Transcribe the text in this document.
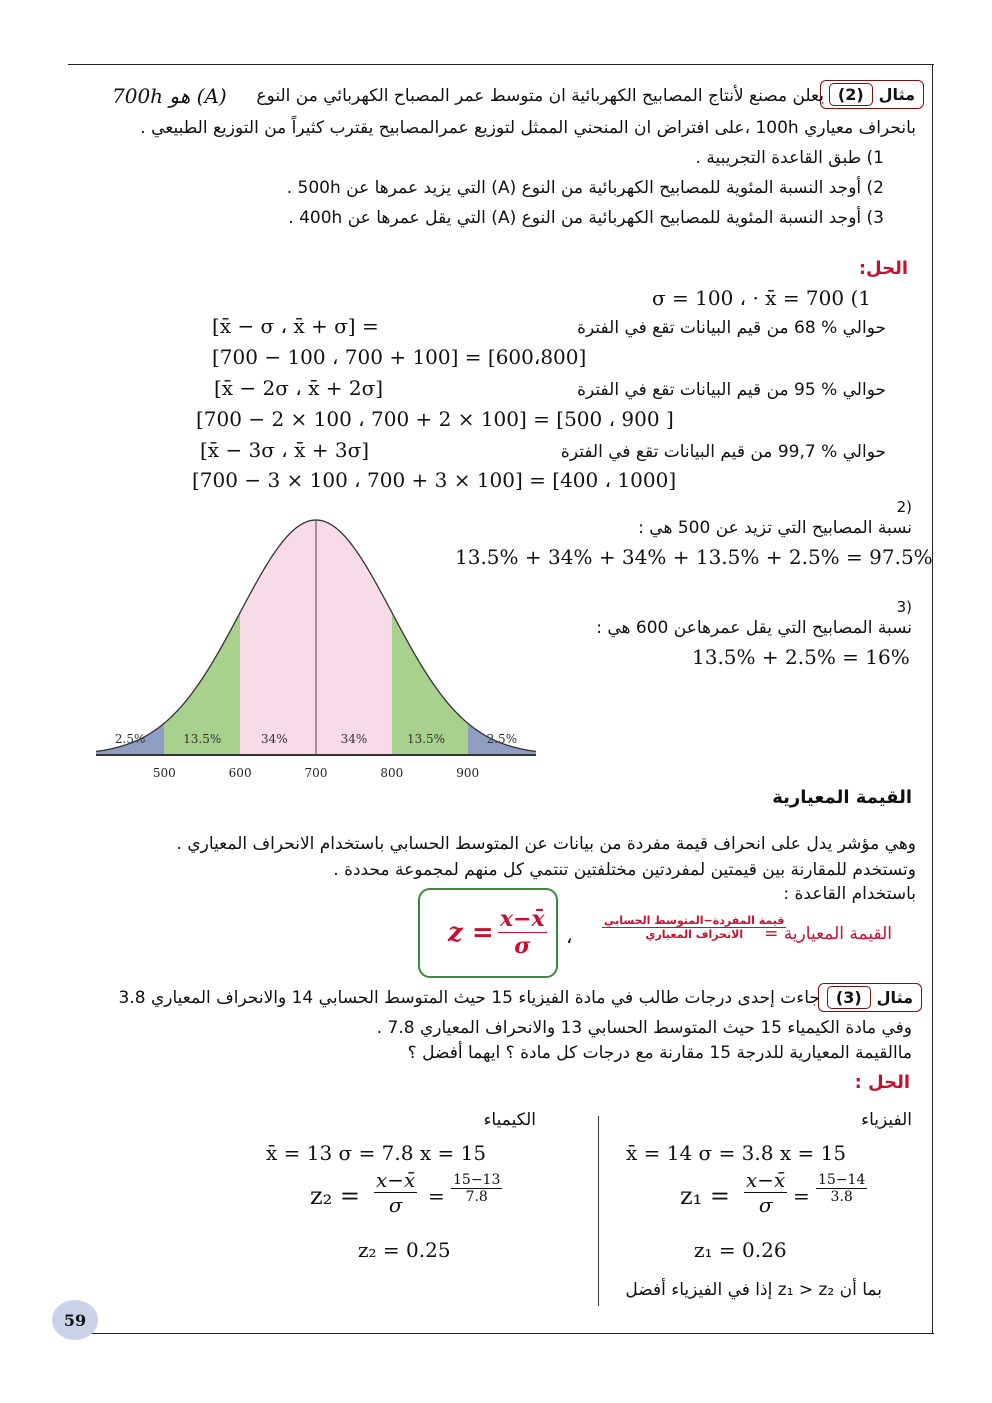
مثال(2)
يعلن مصنع لأنتاج المصابيح الكهربائية ان متوسط عمر المصباح الكهربائي من النوع
700h هو (A)
بانحراف معياري 100h ،على افتراض ان المنحني الممثل لتوزيع عمرالمصابيح يقترب كثيراً من التوزيع الطبيعي .
1) طبق القاعدة التجريبية .
2) أوجد النسبة المئوية للمصابيح الكهربائية من النوع (A) التي يزيد عمرها عن 500h .
3) أوجد النسبة المئوية للمصابيح الكهربائية من النوع (A) التي يقل عمرها عن 400h .
الحل:
σ = 100 ، · x̄ = 700 (1
حوالي % 68 من قيم البيانات تقع في الفترة
[x̄ − σ ، x̄ + σ] =
[700 − 100 ، 700 + 100] = [600،800]
حوالي % 95 من قيم البيانات تقع في الفترة
[x̄ − 2σ ، x̄ + 2σ]
[700 − 2 × 100 ، 700 + 2 × 100] = [500 ، 900 ]
حوالي % 99,7 من قيم البيانات تقع في الفترة
[x̄ − 3σ ، x̄ + 3σ]
[700 − 3 × 100 ، 700 + 3 × 100] = [400 ، 1000]
(2
نسبة المصابيح التي تزيد عن 500 هي :
13.5% + 34% + 34% + 13.5% + 2.5% = 97.5%
(3
نسبة المصابيح التي يقل عمرهاعن 600 هي :
13.5% + 2.5% = 16%
2.5%	13.5%	34%	34%	13.5%	2.5%
500	600	700	800	900
القيمة المعيارية
وهي مؤشر يدل على انحراف قيمة مفردة من بيانات عن المتوسط الحسابي باستخدام الانحراف المعياري .
وتستخدم للمقارنة بين قيمتين لمفردتين مختلفتين تنتمي كل منهم لمجموعة محددة .
باستخدام القاعدة :
$z = \frac{x-x̄}{\sigma}$ ،	القيمة المعيارية =
$\frac{\text{قيمة المفردة−المتوسط الحسابي}}{\text{الانحراف المعياري}}$
مثال(3)
جاءت إحدى درجات طالب في مادة الفيزياء 15 حيث المتوسط الحسابي 14 والانحراف المعياري 3.8
وفي مادة الكيمياء 15 حيث المتوسط الحسابي 13 والانحراف المعياري 7.8 .
ماالقيمة المعيارية للدرجة 15 مقارنة مع درجات كل مادة ؟ ايهما أفضل ؟
الحل :
الفيزياء
x̄ = 14 σ = 3.8 x = 15
$z_1 = \frac{x-x̄}{\sigma} = \frac{15-14}{3.8}$
z₁ = 0.26
الكيمياء
x̄ = 13 σ = 7.8 x = 15
$z_2 = \frac{x-x̄}{\sigma} = \frac{15-13}{7.8}$
z₂ = 0.25
بما أن z₁ > z₂ إذا في الفيزياء أفضل
59
